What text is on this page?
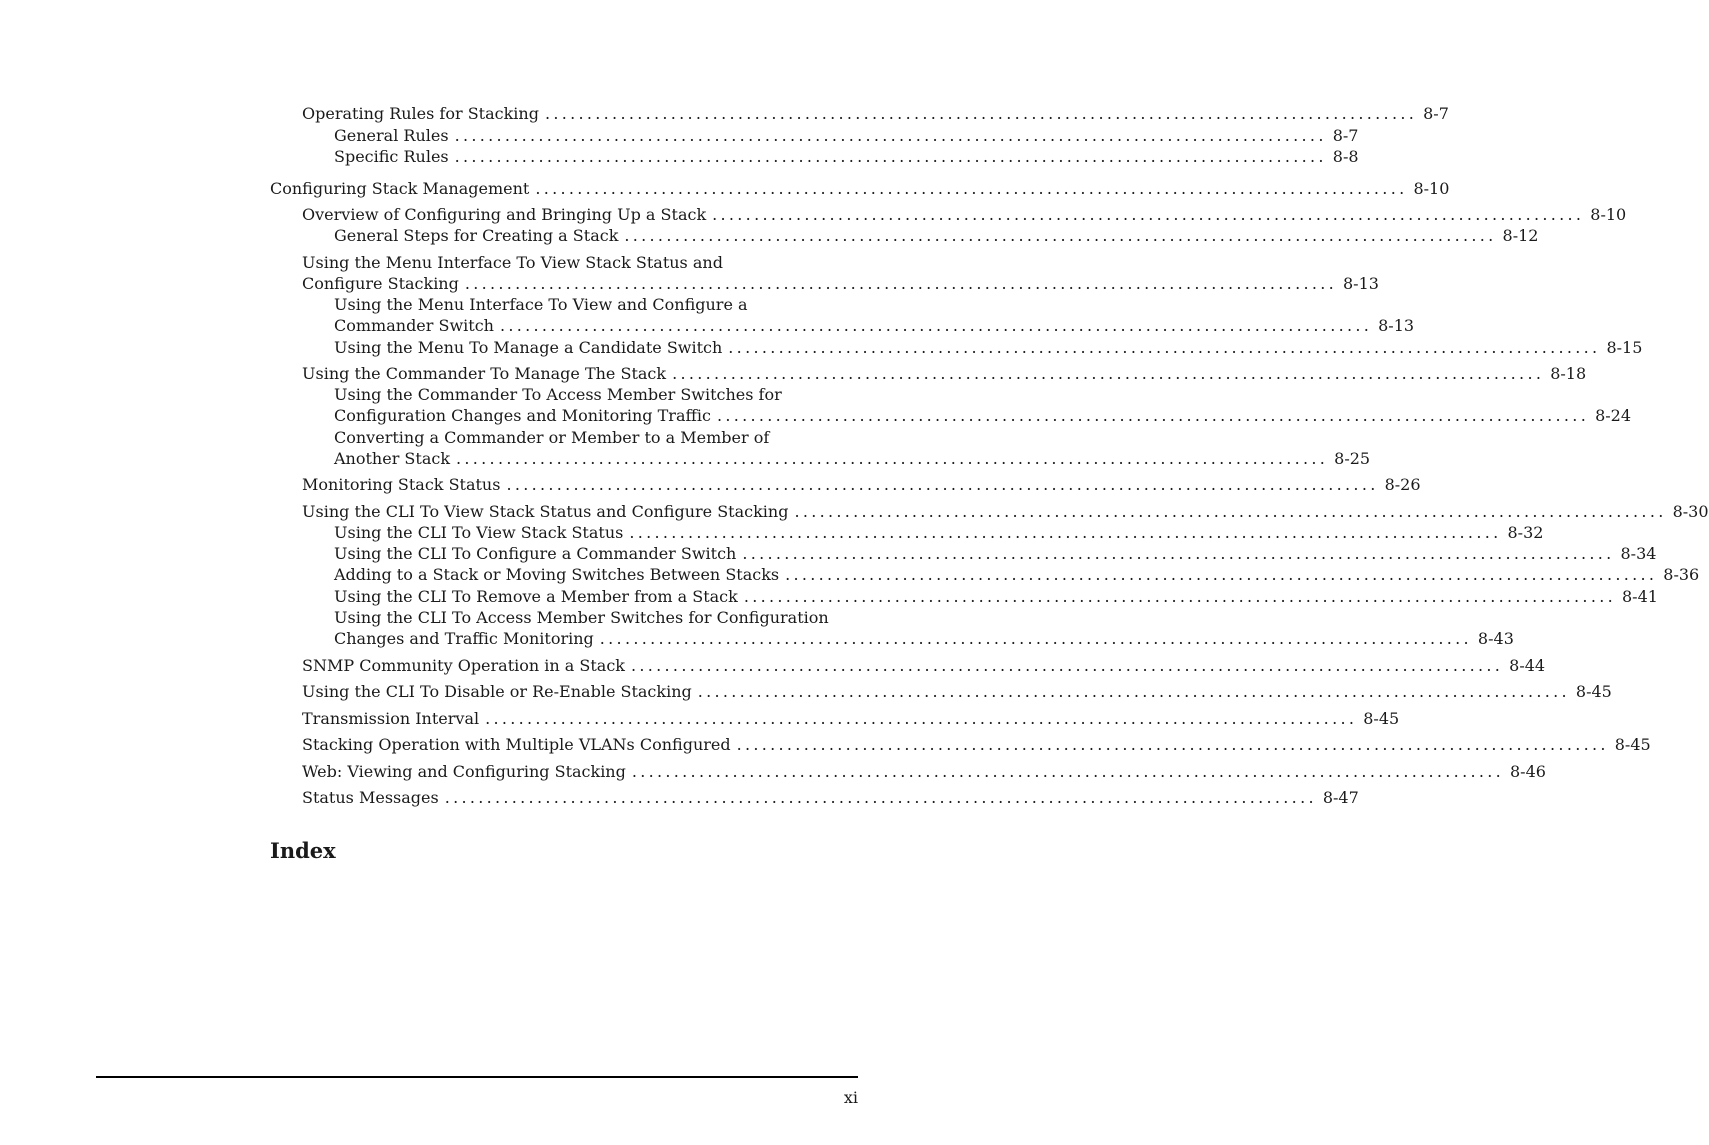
Operating Rules for Stacking ........................................................................................................ 8-7
General Rules ........................................................................................................ 8-7
Specific Rules ........................................................................................................ 8-8
Configuring Stack Management ........................................................................................................ 8-10
Overview of Configuring and Bringing Up a Stack ........................................................................................................ 8-10
General Steps for Creating a Stack ........................................................................................................ 8-12
Using the Menu Interface To View Stack Status and
Configure Stacking ........................................................................................................ 8-13
Using the Menu Interface To View and Configure a
Commander Switch ........................................................................................................ 8-13
Using the Menu To Manage a Candidate Switch ........................................................................................................ 8-15
Using the Commander To Manage The Stack ........................................................................................................ 8-18
Using the Commander To Access Member Switches for
Configuration Changes and Monitoring Traffic ........................................................................................................ 8-24
Converting a Commander or Member to a Member of
Another Stack ........................................................................................................ 8-25
Monitoring Stack Status ........................................................................................................ 8-26
Using the CLI To View Stack Status and Configure Stacking ........................................................................................................ 8-30
Using the CLI To View Stack Status ........................................................................................................ 8-32
Using the CLI To Configure a Commander Switch ........................................................................................................ 8-34
Adding to a Stack or Moving Switches Between Stacks ........................................................................................................ 8-36
Using the CLI To Remove a Member from a Stack ........................................................................................................ 8-41
Using the CLI To Access Member Switches for Configuration
Changes and Traffic Monitoring ........................................................................................................ 8-43
SNMP Community Operation in a Stack ........................................................................................................ 8-44
Using the CLI To Disable or Re-Enable Stacking ........................................................................................................ 8-45
Transmission Interval ........................................................................................................ 8-45
Stacking Operation with Multiple VLANs Configured ........................................................................................................ 8-45
Web: Viewing and Configuring Stacking ........................................................................................................ 8-46
Status Messages ........................................................................................................ 8-47
Index
xi
